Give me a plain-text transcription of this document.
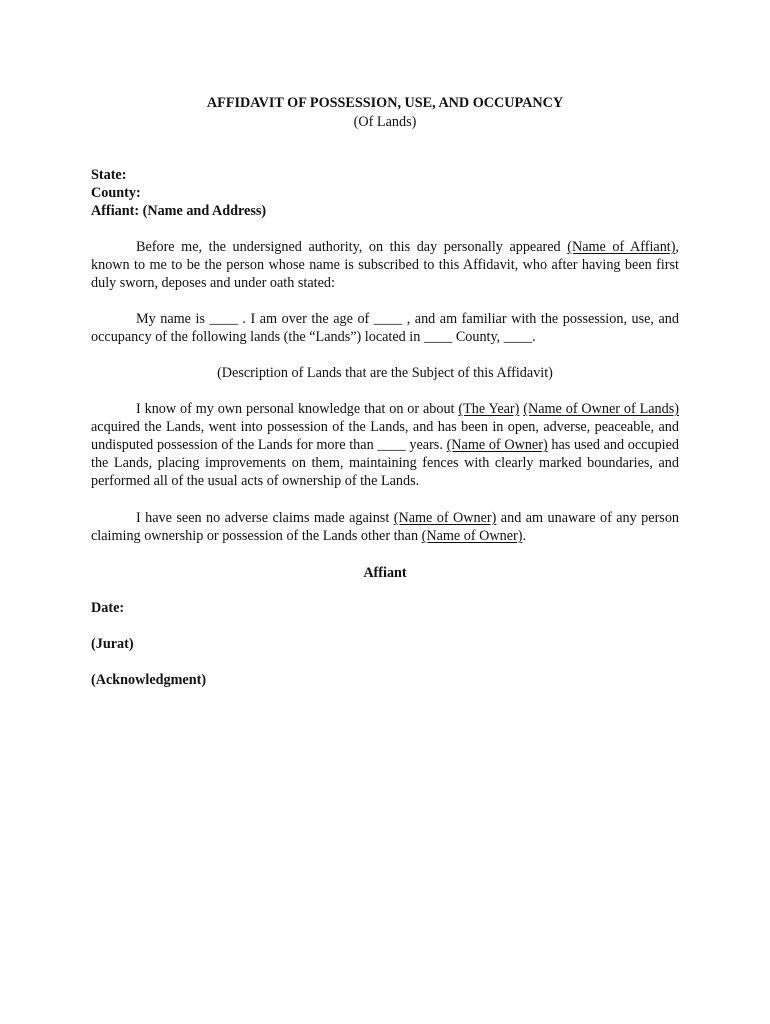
AFFIDAVIT OF POSSESSION, USE, AND OCCUPANCY
(Of Lands)
State:
County:
Affiant: (Name and Address)
Before me, the undersigned authority, on this day personally appeared (Name of Affiant), known to me to be the person whose name is subscribed to this Affidavit, who after having been first duly sworn, deposes and under oath stated:
My name is ____ . I am over the age of ____ , and am familiar with the possession, use, and occupancy of the following lands (the “Lands”) located in ____ County, ____.
(Description of Lands that are the Subject of this Affidavit)
I know of my own personal knowledge that on or about (The Year) (Name of Owner of Lands) acquired the Lands, went into possession of the Lands, and has been in open, adverse, peaceable, and undisputed possession of the Lands for more than ____ years. (Name of Owner) has used and occupied the Lands, placing improvements on them, maintaining fences with clearly marked boundaries, and performed all of the usual acts of ownership of the Lands.
I have seen no adverse claims made against (Name of Owner) and am unaware of any person claiming ownership or possession of the Lands other than (Name of Owner).
Affiant
Date:
(Jurat)
(Acknowledgment)
